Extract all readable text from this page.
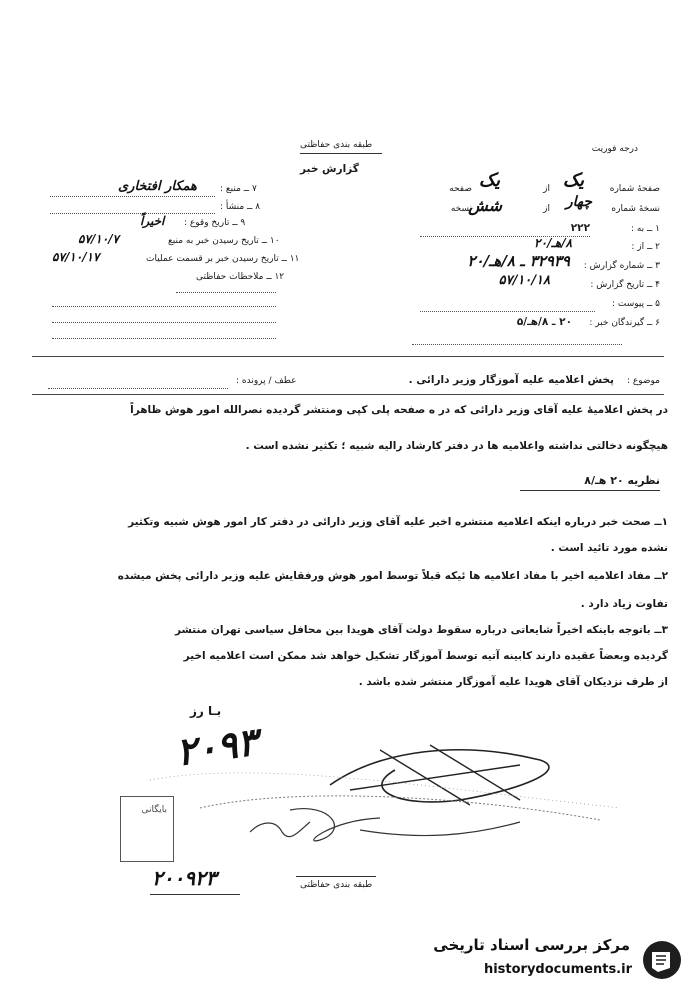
درجه فوریت
طبقه بندی حفاظتی
گزارش خبر
۷ ــ منبع :
همکار افتخاری
۸ ــ منشأ :
۹ ــ تاریخ وقوع :
اخیراً
۱۰ ــ تاریخ رسیدن خبر به منبع
۵۷/۱۰/۷
۱۱ ــ تاریخ رسیدن خبر بر قسمت عملیات
۵۷/۱۰/۱۷
۱۲ ــ ملاحظات حفاظتی
صفحهٔ شماره
یک
از
یک
صفحه
نسخهٔ شماره
چهار
از
شش
نسخه
۱ ــ به :
۲۲۲
۲ ــ از :
۸/هـ/۲۰
۳ ــ شماره گزارش :
۳۲۹۳۹ ـ ۸/هـ/۲۰
۴ ــ تاریخ گزارش :
۵۷/۱۰/۱۸
۵ ــ پیوست :
۶ ــ گیرندگان خبر :
۲۰ ـ ۸/هـ/۵
موضوع :
پخش اعلامیه علیه آموزگار وزیر دارائی .
عطف / پرونده :
در پخش اعلامیهٔ علیه آقای وزیر دارائی که در ه صفحه پلی کپی ومنتشر گردیده نصرالله امور هوش ظاهراً
هیچگونه دخالتی نداشته واعلامیه ها در دفتر کارشاد رالیه شبیه ؛ تکثیر نشده است .
نظریه ۲۰ هـ/۸
۱ــ صحت خبر درباره اینکه اعلامیه منتشره اخیر علیه آقای وزیر دارائی در دفتر کار امور هوش شبیه وتکثیر
نشده مورد تائید است .
۲ــ مفاد اعلامیه اخیر با مفاد اعلامیه ها ئیکه قبلاً توسط امور هوش ورفقایش علیه وزیر دارائی پخش میشده
تفاوت زیاد دارد .
۳ــ باتوجه باینکه اخیراً شایعاتی درباره سقوط دولت آقای هویدا بین محافل سیاسی تهران منتشر
گردیده وبعضاً عقیده دارند کابینه آتیه توسط آموزگار تشکیل خواهد شد ممکن است اعلامیه اخیر
از طرف نزدیکان آقای هویدا علیه آموزگار منتشر شده باشد .
بـا رز
۲۰۹۳
بایگانی
۲۰۰۹۲۳	طبقه بندی حفاظتی
مرکز بررسی اسناد تاریخی
historydocuments.ir
